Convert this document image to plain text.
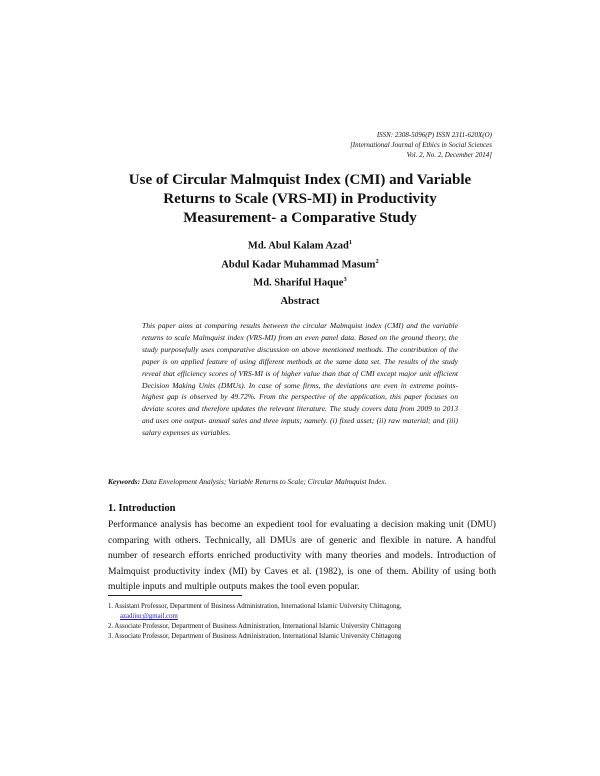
ISSN: 2308-5096(P) ISSN 2311-620X(O)
[International Journal of Ethics in Social Sciences
Vol. 2, No. 2, December 2014]
Use of Circular Malmquist Index (CMI) and Variable
Returns to Scale (VRS-MI) in Productivity
Measurement- a Comparative Study
Md. Abul Kalam Azad$^1$
Abdul Kadar Muhammad Masum$^2$
Md. Shariful Haque$^3$
Abstract
This paper aims at comparing results between the circular Malmquist index (CMI) and the variable returns to scale Malmquist index (VRS-MI) from an even panel data. Based on the ground theory, the study purposefully uses comparative discussion on above mentioned methods. The contribution of the paper is on applied feature of using different methods at the same data set. The results of the study reveal that efficiency scores of VRS-MI is of higher value than that of CMI except major unit efficient Decision Making Units (DMUs). In case of some firms, the deviations are even in extreme points- highest gap is observed by 49.72%. From the perspective of the application, this paper focuses on deviate scores and therefore updates the relevant literature. The study covers data from 2009 to 2013 and uses one output- annual sales and three inputs; namely. (i) fixed asset; (ii) raw material; and (iii) salary expenses as variables.
Keywords: Data Envelopment Analysis; Variable Returns to Scale; Circular Malmquist Index.
1. Introduction
Performance analysis has become an expedient tool for evaluating a decision making unit (DMU) comparing with others. Technically, all DMUs are of generic and flexible in nature. A handful number of research efforts enriched productivity with many theories and models. Introduction of Malmquist productivity index (MI) by Caves et al. (1982), is one of them. Ability of using both multiple inputs and multiple outputs makes the tool even popular.

1. Assistant Professor, Department of Business Administration, International Islamic University Chittagong,
azadiiuc@gmail.com

2. Associate Professor, Department of Business Administration, International Islamic University Chittagong

3. Associate Professor, Department of Business Administration, International Islamic University Chittagong
